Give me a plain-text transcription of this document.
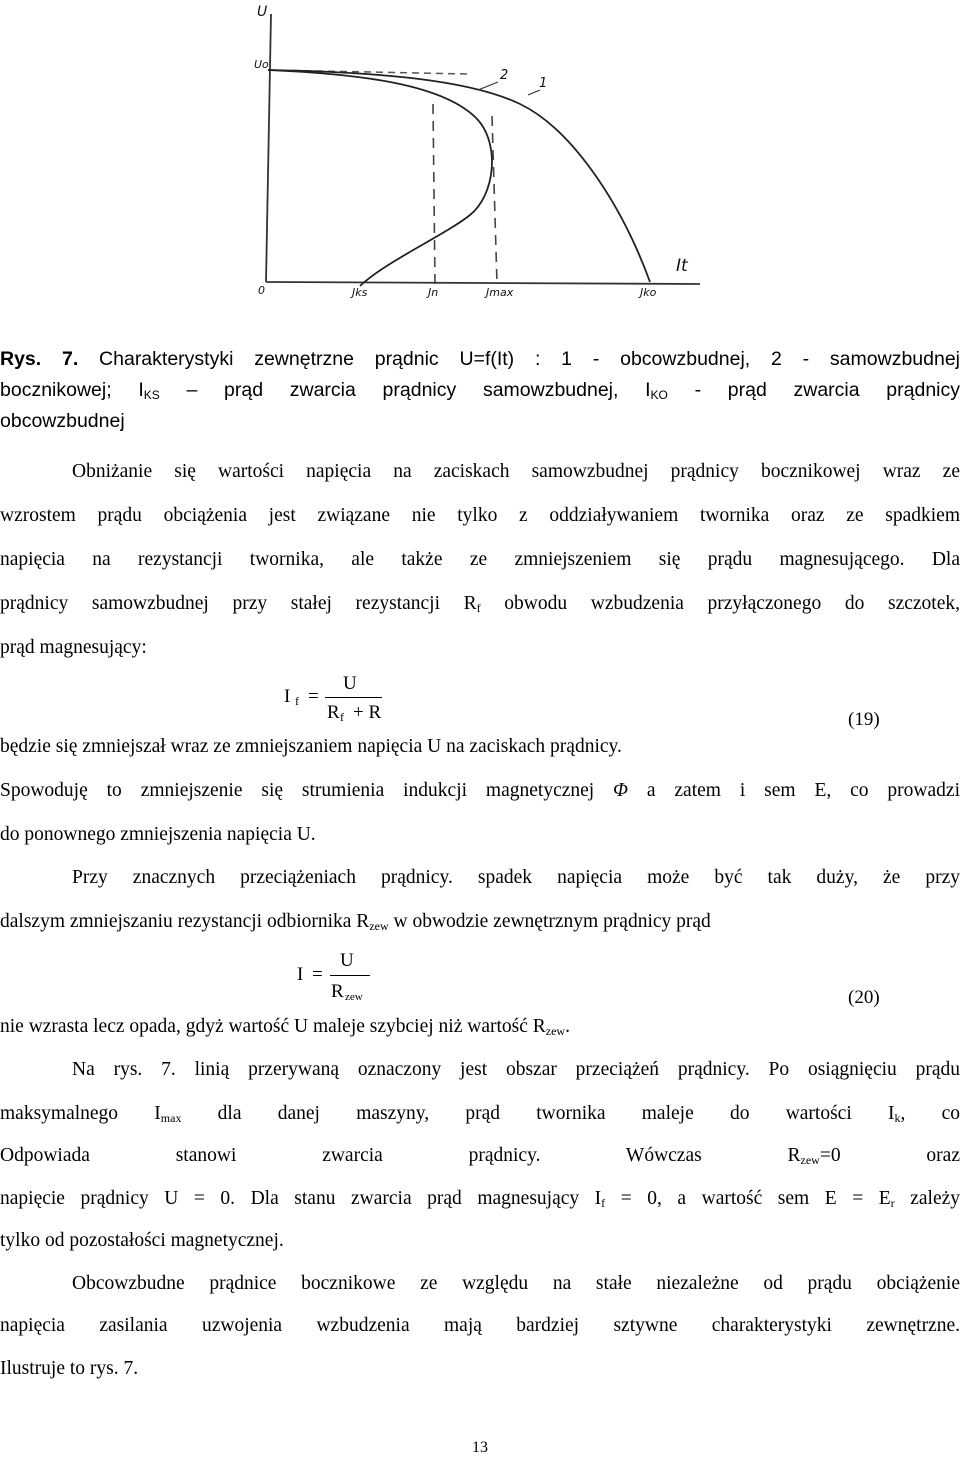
U
Uo
0
It
1
2
Jks	Jn	Jmax	Jko

Rys. 7. Charakterystyki zewnętrzne prądnic U=f(It) : 1 - obcowzbudnej, 2 - samowzbudnej

bocznikowej; $I_{KS}$ – prąd zwarcia prądnicy samowzbudnej, $I_{KO}$ - prąd zwarcia prądnicy

obcowzbudnej

Obniżanie się wartości napięcia na zaciskach samowzbudnej prądnicy bocznikowej wraz ze

wzrostem prądu obciążenia jest związane nie tylko z oddziaływaniem twornika oraz ze spadkiem

napięcia na rezystancji twornika, ale także ze zmniejszeniem się prądu magnesującego. Dla

prądnicy samowzbudnej przy stałej rezystancji $R_f$ obwodu wzbudzenia przyłączonego do szczotek,

prąd magnesujący:

I f =
U
R f + R	(19)

będzie się zmniejszał wraz ze zmniejszaniem napięcia U na zaciskach prądnicy.

Spowoduję to zmniejszenie się strumienia indukcji magnetycznej Φ a zatem i sem E, co prowadzi

do ponownego zmniejszenia napięcia U.

Przy znacznych przeciążeniach prądnicy. spadek napięcia może być tak duży, że przy

dalszym zmniejszaniu rezystancji odbiornika $R_{zew}$ w obwodzie zewnętrznym prądnicy prąd

I =
U
R zew	(20)

nie wzrasta lecz opada, gdyż wartość U maleje szybciej niż wartość $R_{zew}$.

Na rys. 7. linią przerywaną oznaczony jest obszar przeciążeń prądnicy. Po osiągnięciu prądu

maksymalnego $I_{max}$ dla danej maszyny, prąd twornika maleje do wartości $I_k$, co

Odpowiada stanowi zwarcia prądnicy. Wówczas $R_{zew}=0$ oraz

napięcie prądnicy U = 0. Dla stanu zwarcia prąd magnesujący $I_f = 0$, a wartość sem $E = E_r$ zależy

tylko od pozostałości magnetycznej.

Obcowzbudne prądnice bocznikowe ze względu na stałe niezależne od prądu obciążenie

napięcia zasilania uzwojenia wzbudzenia mają bardziej sztywne charakterystyki zewnętrzne.

Ilustruje to rys. 7.

13
